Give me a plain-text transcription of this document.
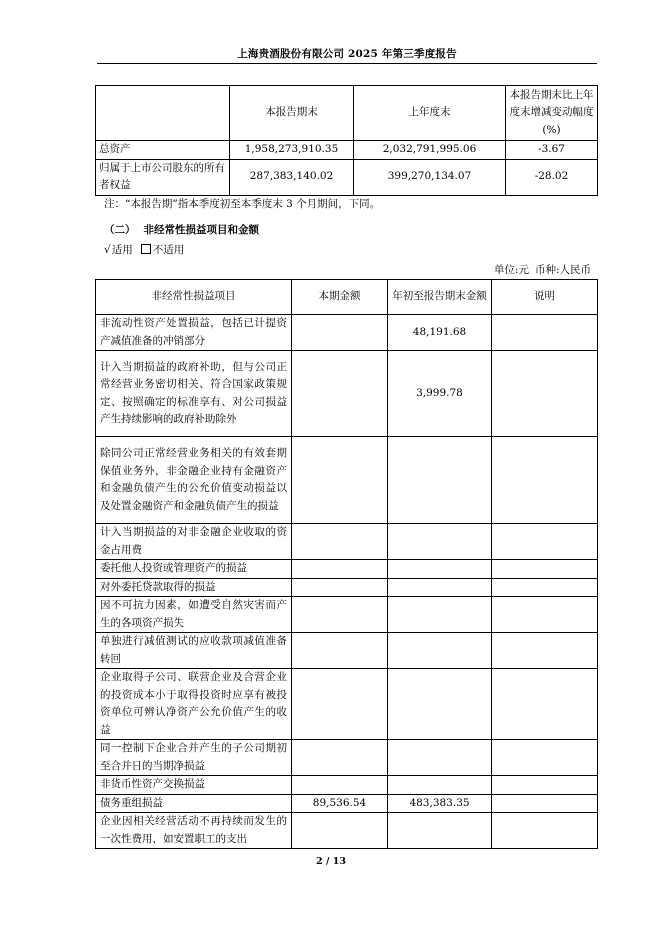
上海贵酒股份有限公司 2025 年第三季度报告
	本报告期末	上年度末	本报告期末比上年度末增减变动幅度(%)
总资产	1,958,273,910.35	2,032,791,995.06	-3.67
归属于上市公司股东的所有者权益	287,383,140.02	399,270,134.07	-28.02
注：“本报告期”指本季度初至本季度末 3 个月期间，下同。
（二） 非经常性损益项目和金额
√适用 不适用
单位:元 币种:人民币
非经常性损益项目	本期金额	年初至报告期末金额	说明
非流动性资产处置损益，包括已计提资产减值准备的冲销部分		48,191.68	
计入当期损益的政府补助，但与公司正常经营业务密切相关、符合国家政策规定、按照确定的标准享有、对公司损益产生持续影响的政府补助除外		3,999.78	
除同公司正常经营业务相关的有效套期保值业务外，非金融企业持有金融资产和金融负债产生的公允价值变动损益以及处置金融资产和金融负债产生的损益			
计入当期损益的对非金融企业收取的资金占用费			
委托他人投资或管理资产的损益			
对外委托贷款取得的损益			
因不可抗力因素，如遭受自然灾害而产生的各项资产损失			
单独进行减值测试的应收款项减值准备转回			
企业取得子公司、联营企业及合营企业的投资成本小于取得投资时应享有被投资单位可辨认净资产公允价值产生的收益			
同一控制下企业合并产生的子公司期初至合并日的当期净损益			
非货币性资产交换损益			
债务重组损益	89,536.54	483,383.35	
企业因相关经营活动不再持续而发生的一次性费用，如安置职工的支出			
2 / 13
